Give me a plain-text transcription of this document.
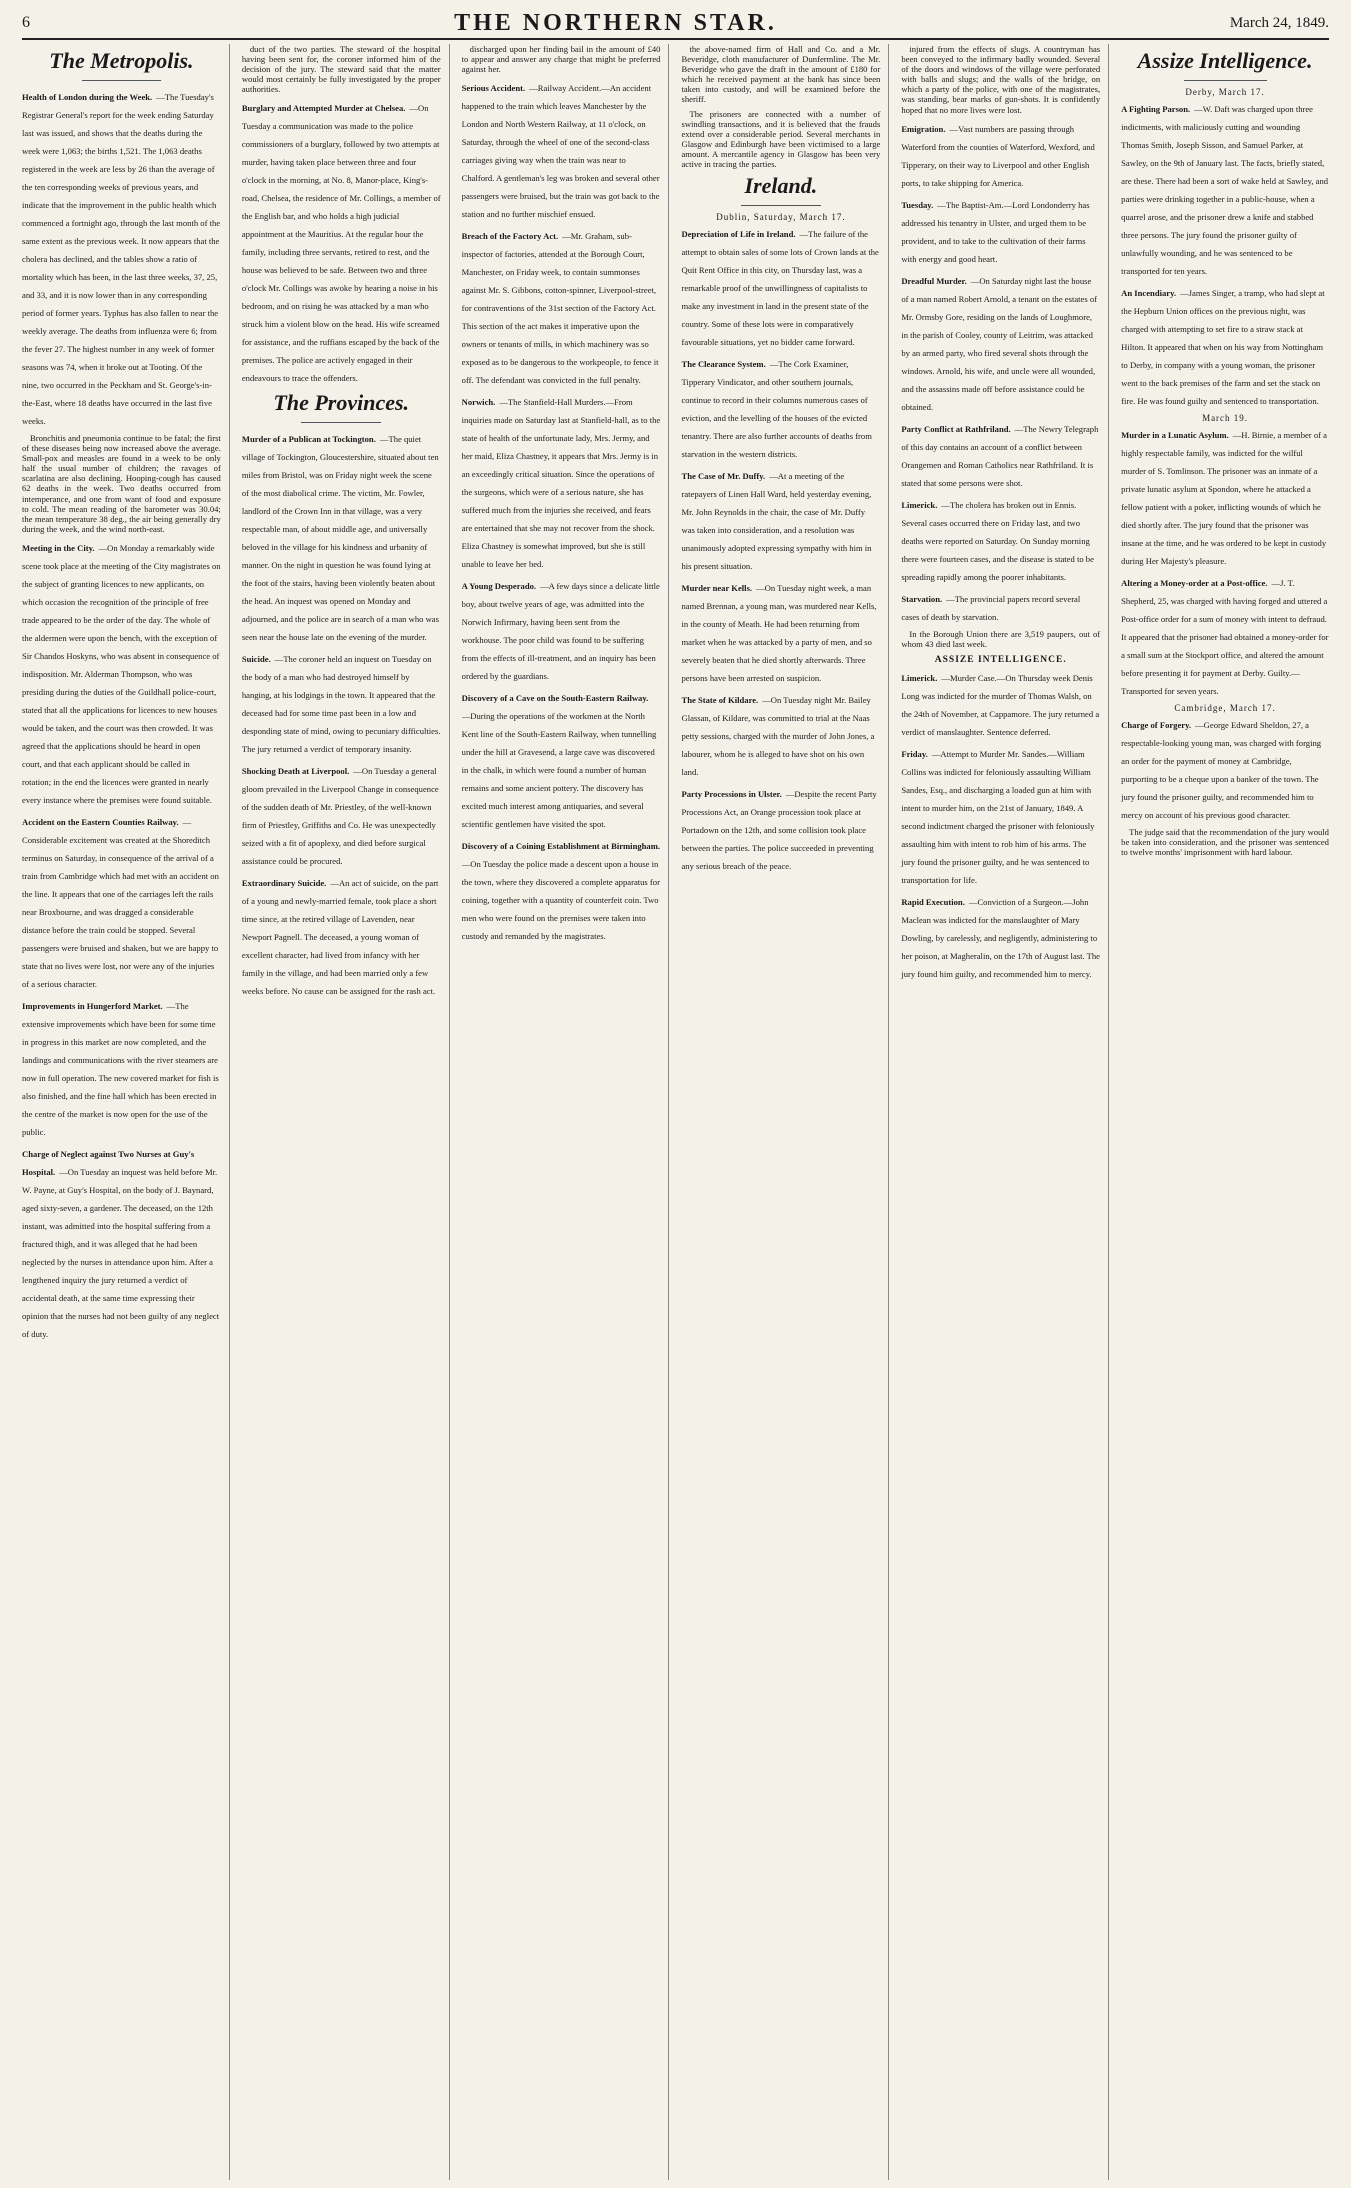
6	THE NORTHERN STAR.	March 24, 1849.
The Metropolis.
Health of London during the Week. —The Tuesday's Registrar General's report for the week ending Saturday last was issued, and shows that the deaths during the week were 1,063; the births 1,521. The 1,063 deaths registered in the week are less by 26 than the average of the ten corresponding weeks of previous years, and indicate that the improvement in the public health which commenced a fortnight ago, through the last month of the same extent as the previous week. It now appears that the cholera has declined, and the tables show a ratio of mortality which has been, in the last three weeks, 37, 25, and 33, and it is now lower than in any corresponding period of former years. Typhus has also fallen to near the weekly average. The deaths from influenza were 6; from the fever 27. The highest number in any week of former seasons was 74, when it broke out at Tooting. Of the nine, two occurred in the Peckham and St. George's-in-the-East, where 18 deaths have occurred in the last five weeks.

Bronchitis and pneumonia continue to be fatal; the first of these diseases being now increased above the average. Small-pox and measles are found in a week to be only half the usual number of children; the ravages of scarlatina are also declining. Hooping-cough has caused 62 deaths in the week. Two deaths occurred from intemperance, and one from want of food and exposure to cold. The mean reading of the barometer was 30.04; the mean temperature 38 deg., the air being generally dry during the week, and the wind north-east.

Meeting in the City. —On Monday a remarkably wide scene took place at the meeting of the City magistrates on the subject of granting licences to new applicants, on which occasion the recognition of the principle of free trade appeared to be the order of the day. The whole of the aldermen were upon the bench, with the exception of Sir Chandos Hoskyns, who was absent in consequence of indisposition. Mr. Alderman Thompson, who was presiding during the duties of the Guildhall police-court, stated that all the applications for licences to new houses would be taken, and the court was then crowded. It was agreed that the applications should be heard in open court, and that each applicant should be called in rotation; in the end the licences were granted in nearly every instance where the premises were found suitable.

Accident on the Eastern Counties Railway. —Considerable excitement was created at the Shoreditch terminus on Saturday, in consequence of the arrival of a train from Cambridge which had met with an accident on the line. It appears that one of the carriages left the rails near Broxbourne, and was dragged a considerable distance before the train could be stopped. Several passengers were bruised and shaken, but we are happy to state that no lives were lost, nor were any of the injuries of a serious character.

Improvements in Hungerford Market. —The extensive improvements which have been for some time in progress in this market are now completed, and the landings and communications with the river steamers are now in full operation. The new covered market for fish is also finished, and the fine hall which has been erected in the centre of the market is now open for the use of the public.

Charge of Neglect against Two Nurses at Guy's Hospital. —On Tuesday an inquest was held before Mr. W. Payne, at Guy's Hospital, on the body of J. Baynard, aged sixty-seven, a gardener. The deceased, on the 12th instant, was admitted into the hospital suffering from a fractured thigh, and it was alleged that he had been neglected by the nurses in attendance upon him. After a lengthened inquiry the jury returned a verdict of accidental death, at the same time expressing their opinion that the nurses had not been guilty of any neglect of duty.

duct of the two parties. The steward of the hospital having been sent for, the coroner informed him of the decision of the jury. The steward said that the matter would most certainly be fully investigated by the proper authorities.

Burglary and Attempted Murder at Chelsea. —On Tuesday a communication was made to the police commissioners of a burglary, followed by two attempts at murder, having taken place between three and four o'clock in the morning, at No. 8, Manor-place, King's-road, Chelsea, the residence of Mr. Collings, a member of the English bar, and who holds a high judicial appointment at the Mauritius. At the regular hour the family, including three servants, retired to rest, and the house was believed to be safe. Between two and three o'clock Mr. Collings was awoke by hearing a noise in his bedroom, and on rising he was attacked by a man who struck him a violent blow on the head. His wife screamed for assistance, and the ruffians escaped by the back of the premises. The police are actively engaged in their endeavours to trace the offenders.

The Provinces.
Murder of a Publican at Tockington. —The quiet village of Tockington, Gloucestershire, situated about ten miles from Bristol, was on Friday night week the scene of the most diabolical crime. The victim, Mr. Fowler, landlord of the Crown Inn in that village, was a very respectable man, of about middle age, and universally beloved in the village for his kindness and urbanity of manner. On the night in question he was found lying at the foot of the stairs, having been violently beaten about the head. An inquest was opened on Monday and adjourned, and the police are in search of a man who was seen near the house late on the evening of the murder.

Suicide. —The coroner held an inquest on Tuesday on the body of a man who had destroyed himself by hanging, at his lodgings in the town. It appeared that the deceased had for some time past been in a low and desponding state of mind, owing to pecuniary difficulties. The jury returned a verdict of temporary insanity.

Shocking Death at Liverpool. —On Tuesday a general gloom prevailed in the Liverpool Change in consequence of the sudden death of Mr. Priestley, of the well-known firm of Priestley, Griffiths and Co. He was unexpectedly seized with a fit of apoplexy, and died before surgical assistance could be procured.

Extraordinary Suicide. —An act of suicide, on the part of a young and newly-married female, took place a short time since, at the retired village of Lavenden, near Newport Pagnell. The deceased, a young woman of excellent character, had lived from infancy with her family in the village, and had been married only a few weeks before. No cause can be assigned for the rash act.

discharged upon her finding bail in the amount of £40 to appear and answer any charge that might be preferred against her.

Serious Accident. —Railway Accident.—An accident happened to the train which leaves Manchester by the London and North Western Railway, at 11 o'clock, on Saturday, through the wheel of one of the second-class carriages giving way when the train was near to Chalford. A gentleman's leg was broken and several other passengers were bruised, but the train was got back to the station and no further mischief ensued.

Breach of the Factory Act. —Mr. Graham, sub-inspector of factories, attended at the Borough Court, Manchester, on Friday week, to contain summonses against Mr. S. Gibbons, cotton-spinner, Liverpool-street, for contraventions of the 31st section of the Factory Act. This section of the act makes it imperative upon the owners or tenants of mills, in which machinery was so exposed as to be dangerous to the workpeople, to fence it off. The defendant was convicted in the full penalty.

Norwich. —The Stanfield-Hall Murders.—From inquiries made on Saturday last at Stanfield-hall, as to the state of health of the unfortunate lady, Mrs. Jermy, and her maid, Eliza Chastney, it appears that Mrs. Jermy is in an exceedingly critical situation. Since the operations of the surgeons, which were of a serious nature, she has suffered much from the injuries she received, and fears are entertained that she may not recover from the shock. Eliza Chastney is somewhat improved, but she is still unable to leave her bed.

A Young Desperado. —A few days since a delicate little boy, about twelve years of age, was admitted into the Norwich Infirmary, having been sent from the workhouse. The poor child was found to be suffering from the effects of ill-treatment, and an inquiry has been ordered by the guardians.

Discovery of a Cave on the South-Eastern Railway.

—During the operations of the workmen at the North Kent line of the South-Eastern Railway, when tunnelling under the hill at Gravesend, a large cave was discovered in the chalk, in which were found a number of human remains and some ancient pottery. The discovery has excited much interest among antiquaries, and several scientific gentlemen have visited the spot.

Discovery of a Coining Establishment at Birmingham.

—On Tuesday the police made a descent upon a house in the town, where they discovered a complete apparatus for coining, together with a quantity of counterfeit coin. Two men who were found on the premises were taken into custody and remanded by the magistrates.

the above-named firm of Hall and Co. and a Mr. Beveridge, cloth manufacturer of Dunfermline. The Mr. Beveridge who gave the draft in the amount of £180 for which he received payment at the bank has since been taken into custody, and will be examined before the sheriff.

The prisoners are connected with a number of swindling transactions, and it is believed that the frauds extend over a considerable period. Several merchants in Glasgow and Edinburgh have been victimised to a large amount. A mercantile agency in Glasgow has been very active in tracing the parties.

Ireland.
Dublin, Saturday, March 17.
Depreciation of Life in Ireland. —The failure of the attempt to obtain sales of some lots of Crown lands at the Quit Rent Office in this city, on Thursday last, was a remarkable proof of the unwillingness of capitalists to make any investment in land in the present state of the country. Some of these lots were in comparatively favourable situations, yet no bidder came forward.

The Clearance System. —The Cork Examiner, Tipperary Vindicator, and other southern journals, continue to record in their columns numerous cases of eviction, and the levelling of the houses of the evicted tenantry. There are also further accounts of deaths from starvation in the western districts.

The Case of Mr. Duffy. —At a meeting of the ratepayers of Linen Hall Ward, held yesterday evening, Mr. John Reynolds in the chair, the case of Mr. Duffy was taken into consideration, and a resolution was unanimously adopted expressing sympathy with him in his present situation.

Murder near Kells. —On Tuesday night week, a man named Brennan, a young man, was murdered near Kells, in the county of Meath. He had been returning from market when he was attacked by a party of men, and so severely beaten that he died shortly afterwards. Three persons have been arrested on suspicion.

The State of Kildare. —On Tuesday night Mr. Bailey Glassan, of Kildare, was committed to trial at the Naas petty sessions, charged with the murder of John Jones, a labourer, whom he is alleged to have shot on his own land.

Party Processions in Ulster. —Despite the recent Party Processions Act, an Orange procession took place at Portadown on the 12th, and some collision took place between the parties. The police succeeded in preventing any serious breach of the peace.

injured from the effects of slugs. A countryman has been conveyed to the infirmary badly wounded. Several of the doors and windows of the village were perforated with balls and slugs; and the walls of the bridge, on which a party of the police, with one of the magistrates, was standing, bear marks of gun-shots. It is confidently hoped that no more lives were lost.

Emigration. —Vast numbers are passing through Waterford from the counties of Waterford, Wexford, and Tipperary, on their way to Liverpool and other English ports, to take shipping for America.

Tuesday. —The Baptist-Am.—Lord Londonderry has addressed his tenantry in Ulster, and urged them to be provident, and to take to the cultivation of their farms with energy and good heart.

Dreadful Murder. —On Saturday night last the house of a man named Robert Arnold, a tenant on the estates of Mr. Ormsby Gore, residing on the lands of Loughmore, in the parish of Cooley, county of Leitrim, was attacked by an armed party, who fired several shots through the windows. Arnold, his wife, and uncle were all wounded, and the assassins made off before assistance could be obtained.

Party Conflict at Rathfriland. —The Newry Telegraph of this day contains an account of a conflict between Orangemen and Roman Catholics near Rathfriland. It is stated that some persons were shot.

Limerick. —The cholera has broken out in Ennis. Several cases occurred there on Friday last, and two deaths were reported on Saturday. On Sunday morning there were fourteen cases, and the disease is stated to be spreading rapidly among the poorer inhabitants.

Starvation. —The provincial papers record several cases of death by starvation.

In the Borough Union there are 3,519 paupers, out of whom 43 died last week.

ASSIZE INTELLIGENCE.
Limerick. —Murder Case.—On Thursday week Denis Long was indicted for the murder of Thomas Walsh, on the 24th of November, at Cappamore. The jury returned a verdict of manslaughter. Sentence deferred.

Friday. —Attempt to Murder Mr. Sandes.—William Collins was indicted for feloniously assaulting William Sandes, Esq., and discharging a loaded gun at him with intent to murder him, on the 21st of January, 1849. A second indictment charged the prisoner with feloniously assaulting him with intent to rob him of his arms. The jury found the prisoner guilty, and he was sentenced to transportation for life.

Rapid Execution. —Conviction of a Surgeon.—John Maclean was indicted for the manslaughter of Mary Dowling, by carelessly, and negligently, administering to her poison, at Magheralin, on the 17th of August last. The jury found him guilty, and recommended him to mercy.

Assize Intelligence.
Derby, March 17.
A Fighting Parson. —W. Daft was charged upon three indictments, with maliciously cutting and wounding Thomas Smith, Joseph Sisson, and Samuel Parker, at Sawley, on the 9th of January last. The facts, briefly stated, are these. There had been a sort of wake held at Sawley, and parties were drinking together in a public-house, when a quarrel arose, and the prisoner drew a knife and stabbed three persons. The jury found the prisoner guilty of unlawfully wounding, and he was sentenced to be transported for ten years.

An Incendiary. —James Singer, a tramp, who had slept at the Hepburn Union offices on the previous night, was charged with attempting to set fire to a straw stack at Hilton. It appeared that when on his way from Nottingham to Derby, in company with a young woman, the prisoner went to the back premises of the farm and set the stack on fire. He was found guilty and sentenced to transportation.

March 19.
Murder in a Lunatic Asylum. —H. Birnie, a member of a highly respectable family, was indicted for the wilful murder of S. Tomlinson. The prisoner was an inmate of a private lunatic asylum at Spondon, where he attacked a fellow patient with a poker, inflicting wounds of which he died shortly after. The jury found that the prisoner was insane at the time, and he was ordered to be kept in custody during Her Majesty's pleasure.

Altering a Money-order at a Post-office. —J. T. Shepherd, 25, was charged with having forged and uttered a Post-office order for a sum of money with intent to defraud. It appeared that the prisoner had obtained a money-order for a small sum at the Stockport office, and altered the amount before presenting it for payment at Derby. Guilty.—Transported for seven years.

Cambridge, March 17.
Charge of Forgery. —George Edward Sheldon, 27, a respectable-looking young man, was charged with forging an order for the payment of money at Cambridge, purporting to be a cheque upon a banker of the town. The jury found the prisoner guilty, and recommended him to mercy on account of his previous good character.

The judge said that the recommendation of the jury would be taken into consideration, and the prisoner was sentenced to twelve months' imprisonment with hard labour.
